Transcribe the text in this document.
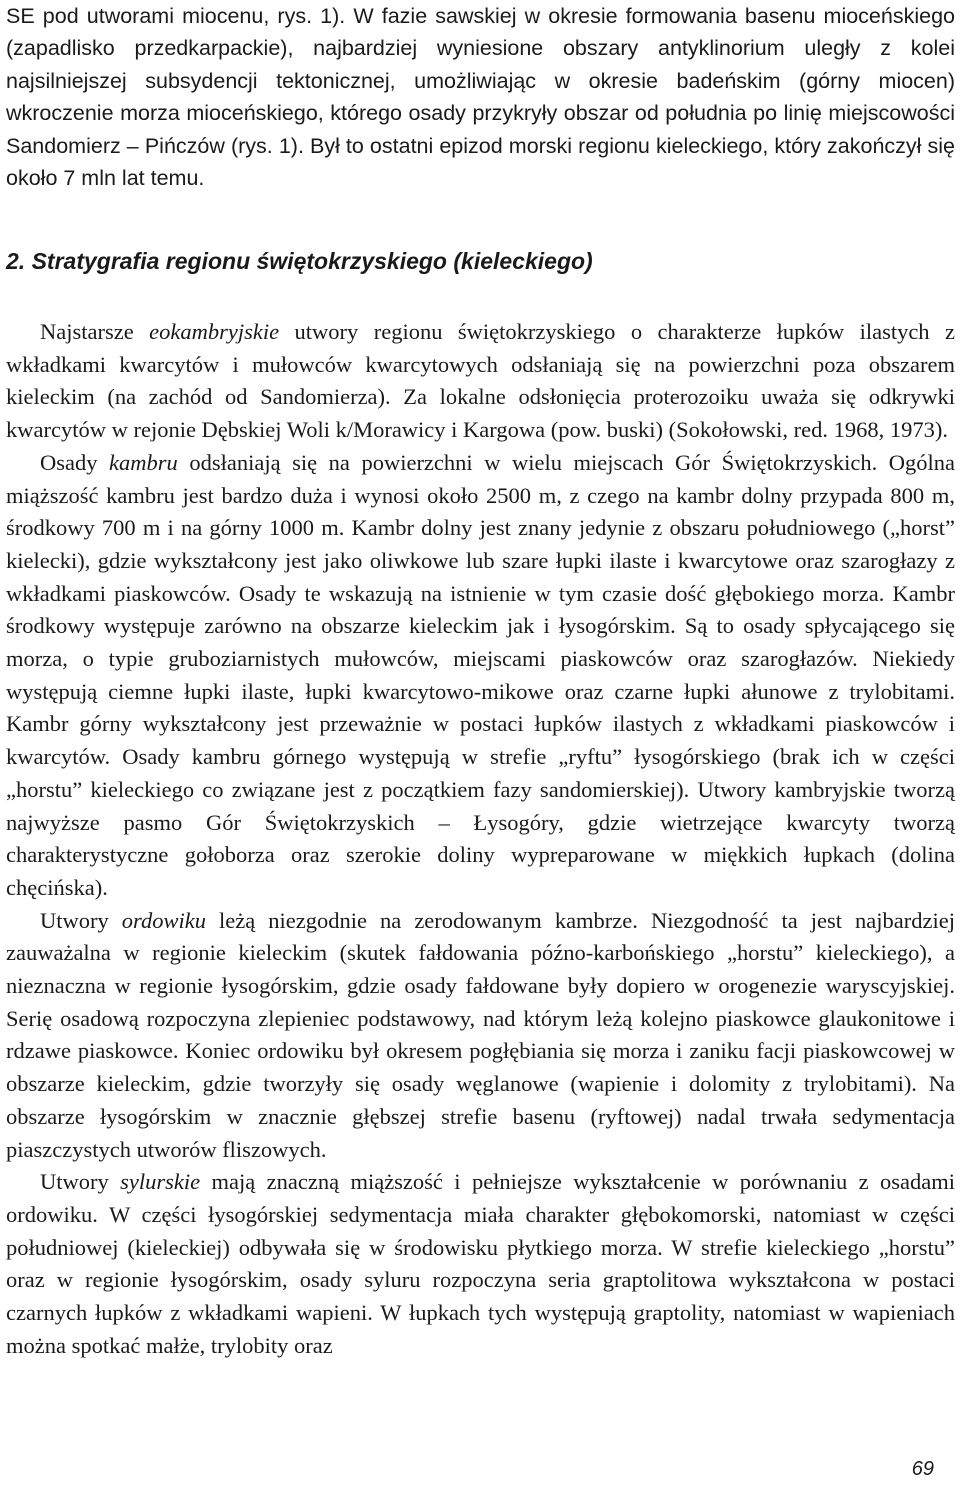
SE pod utworami miocenu, rys. 1). W fazie sawskiej w okresie formowania basenu mioceńskiego (zapadlisko przedkarpackie), najbardziej wyniesione obszary antyklinorium uległy z kolei najsilniejszej subsydencji tektonicznej, umożliwiając w okresie badeńskim (górny miocen) wkroczenie morza mioceńskiego, którego osady przykryły obszar od południa po linię miejscowości Sandomierz – Pińczów (rys. 1). Był to ostatni epizod morski regionu kieleckiego, który zakończył się około 7 mln lat temu.

2. Stratygrafia regionu świętokrzyskiego (kieleckiego)

Najstarsze eokambryjskie utwory regionu świętokrzyskiego o charakterze łupków ilastych z wkładkami kwarcytów i mułowców kwarcytowych odsłaniają się na powierzchni poza obszarem kieleckim (na zachód od Sandomierza). Za lokalne odsłonięcia proterozoiku uważa się odkrywki kwarcytów w rejonie Dębskiej Woli k/Morawicy i Kargowa (pow. buski) (Sokołowski, red. 1968, 1973).

Osady kambru odsłaniają się na powierzchni w wielu miejscach Gór Świętokrzyskich. Ogólna miąższość kambru jest bardzo duża i wynosi około 2500 m, z czego na kambr dolny przypada 800 m, środkowy 700 m i na górny 1000 m. Kambr dolny jest znany jedynie z obszaru południowego („horst” kielecki), gdzie wykształcony jest jako oliwkowe lub szare łupki ilaste i kwarcytowe oraz szarogłazy z wkładkami piaskowców. Osady te wskazują na istnienie w tym czasie dość głębokiego morza. Kambr środkowy występuje zarówno na obszarze kieleckim jak i łysogórskim. Są to osady spłycającego się morza, o typie gruboziarnistych mułowców, miejscami piaskowców oraz szarogłazów. Niekiedy występują ciemne łupki ilaste, łupki kwarcytowo-mikowe oraz czarne łupki ałunowe z trylobitami. Kambr górny wykształcony jest przeważnie w postaci łupków ilastych z wkładkami piaskowców i kwarcytów. Osady kambru górnego występują w strefie „ryftu” łysogórskiego (brak ich w części „horstu” kieleckiego co związane jest z początkiem fazy sandomierskiej). Utwory kambryjskie tworzą najwyższe pasmo Gór Świętokrzyskich – Łysogóry, gdzie wietrzejące kwarcyty tworzą charakterystyczne gołoborza oraz szerokie doliny wypreparowane w miękkich łupkach (dolina chęcińska).

Utwory ordowiku leżą niezgodnie na zerodowanym kambrze. Niezgodność ta jest najbardziej zauważalna w regionie kieleckim (skutek fałdowania późno-karbońskiego „horstu” kieleckiego), a nieznaczna w regionie łysogórskim, gdzie osady fałdowane były dopiero w orogenezie waryscyjskiej. Serię osadową rozpoczyna zlepieniec podstawowy, nad którym leżą kolejno piaskowce glaukonitowe i rdzawe piaskowce. Koniec ordowiku był okresem pogłębiania się morza i zaniku facji piaskowcowej w obszarze kieleckim, gdzie tworzyły się osady węglanowe (wapienie i dolomity z trylobitami). Na obszarze łysogórskim w znacznie głębszej strefie basenu (ryftowej) nadal trwała sedymentacja piaszczystych utworów fliszowych.

Utwory sylurskie mają znaczną miąższość i pełniejsze wykształcenie w porównaniu z osadami ordowiku. W części łysogórskiej sedymentacja miała charakter głębokomorski, natomiast w części południowej (kieleckiej) odbywała się w środowisku płytkiego morza. W strefie kieleckiego „horstu” oraz w regionie łysogórskim, osady syluru rozpoczyna seria graptolitowa wykształcona w postaci czarnych łupków z wkładkami wapieni. W łupkach tych występują graptolity, natomiast w wapieniach można spotkać małże, trylobity oraz

69
